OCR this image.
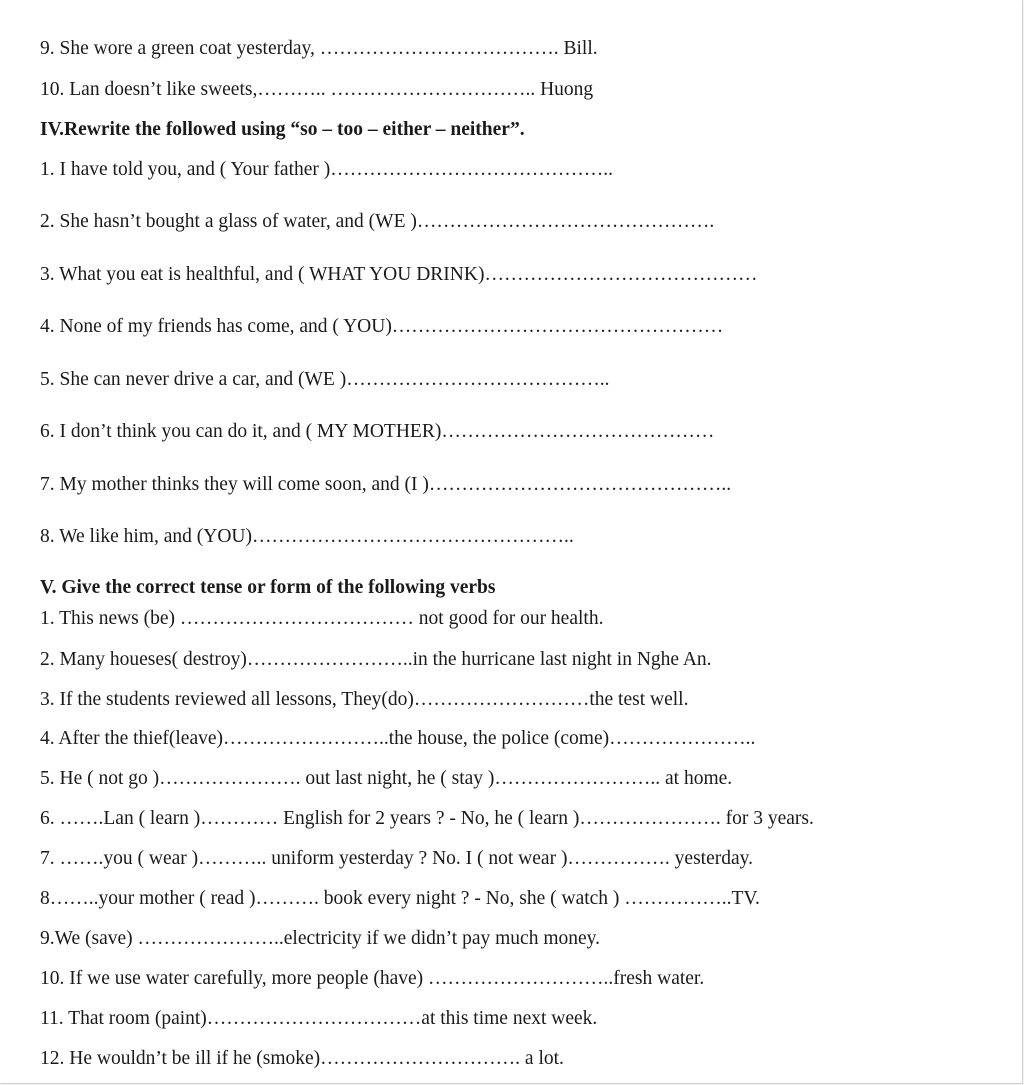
9. She wore a green coat yesterday, ………………………………. Bill.
10. Lan doesn’t like sweets,……….. ………………………….. Huong
IV.Rewrite the followed using “so – too – either – neither”.
1. I have told you, and ( Your father )……………………………………..
2. She hasn’t bought a glass of water, and (WE )……………………………………….
3. What you eat is healthful, and ( WHAT YOU DRINK)……………………………………
4. None of my friends has come, and ( YOU)……………………………………………
5. She can never drive a car, and (WE )…………………………………..
6. I don’t think you can do it, and ( MY MOTHER)……………………………………
7. My mother thinks they will come soon, and (I )………………………………………..
8. We like him, and (YOU)…………………………………………..
V. Give the correct tense or form of the following verbs
1. This news (be) ……………………………… not good for our health.
2. Many houeses( destroy)……………………..in the hurricane last night in Nghe An.
3. If the students reviewed all lessons, They(do)………………………the test well.
4. After the thief(leave)……………………..the house, the police (come)…………………..
5. He ( not go )…………………. out last night, he ( stay )…………………….. at home.
6. …….Lan ( learn )………… English for 2 years ? - No, he ( learn )…………………. for 3 years.
7. …….you ( wear )……….. uniform yesterday ? No. I ( not wear )……………. yesterday.
8……..your mother ( read )………. book every night ? - No, she ( watch ) ……………..TV.
9.We (save) …………………..electricity if we didn’t pay much money.
10. If we use water carefully, more people (have) ………………………..fresh water.
11. That room (paint)……………………………at this time next week.
12. He wouldn’t be ill if he (smoke)…………………………. a lot.
